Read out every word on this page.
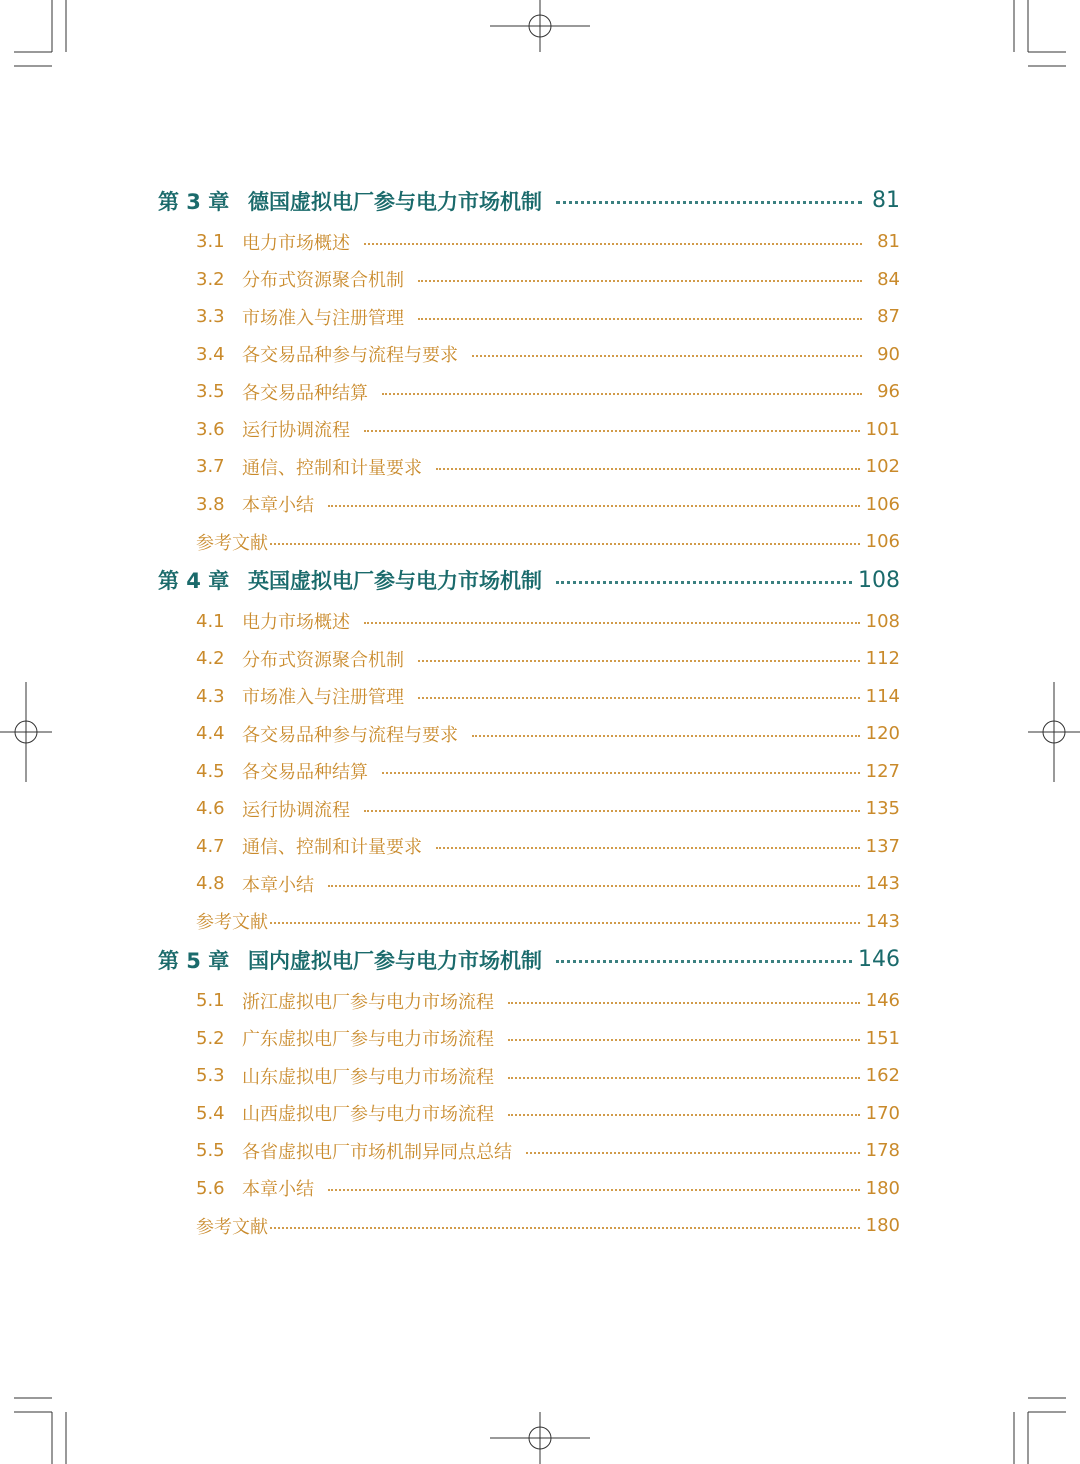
第 3 章 德国虚拟电厂参与电力市场机制	81
3.1 电力市场概述	81
3.2 分布式资源聚合机制	84
3.3 市场准入与注册管理	87
3.4 各交易品种参与流程与要求	90
3.5 各交易品种结算	96
3.6 运行协调流程	101
3.7 通信、控制和计量要求	102
3.8 本章小结	106
参考文献	106
第 4 章 英国虚拟电厂参与电力市场机制	108
4.1 电力市场概述	108
4.2 分布式资源聚合机制	112
4.3 市场准入与注册管理	114
4.4 各交易品种参与流程与要求	120
4.5 各交易品种结算	127
4.6 运行协调流程	135
4.7 通信、控制和计量要求	137
4.8 本章小结	143
参考文献	143
第 5 章 国内虚拟电厂参与电力市场机制	146
5.1 浙江虚拟电厂参与电力市场流程	146
5.2 广东虚拟电厂参与电力市场流程	151
5.3 山东虚拟电厂参与电力市场流程	162
5.4 山西虚拟电厂参与电力市场流程	170
5.5 各省虚拟电厂市场机制异同点总结	178
5.6 本章小结	180
参考文献	180
